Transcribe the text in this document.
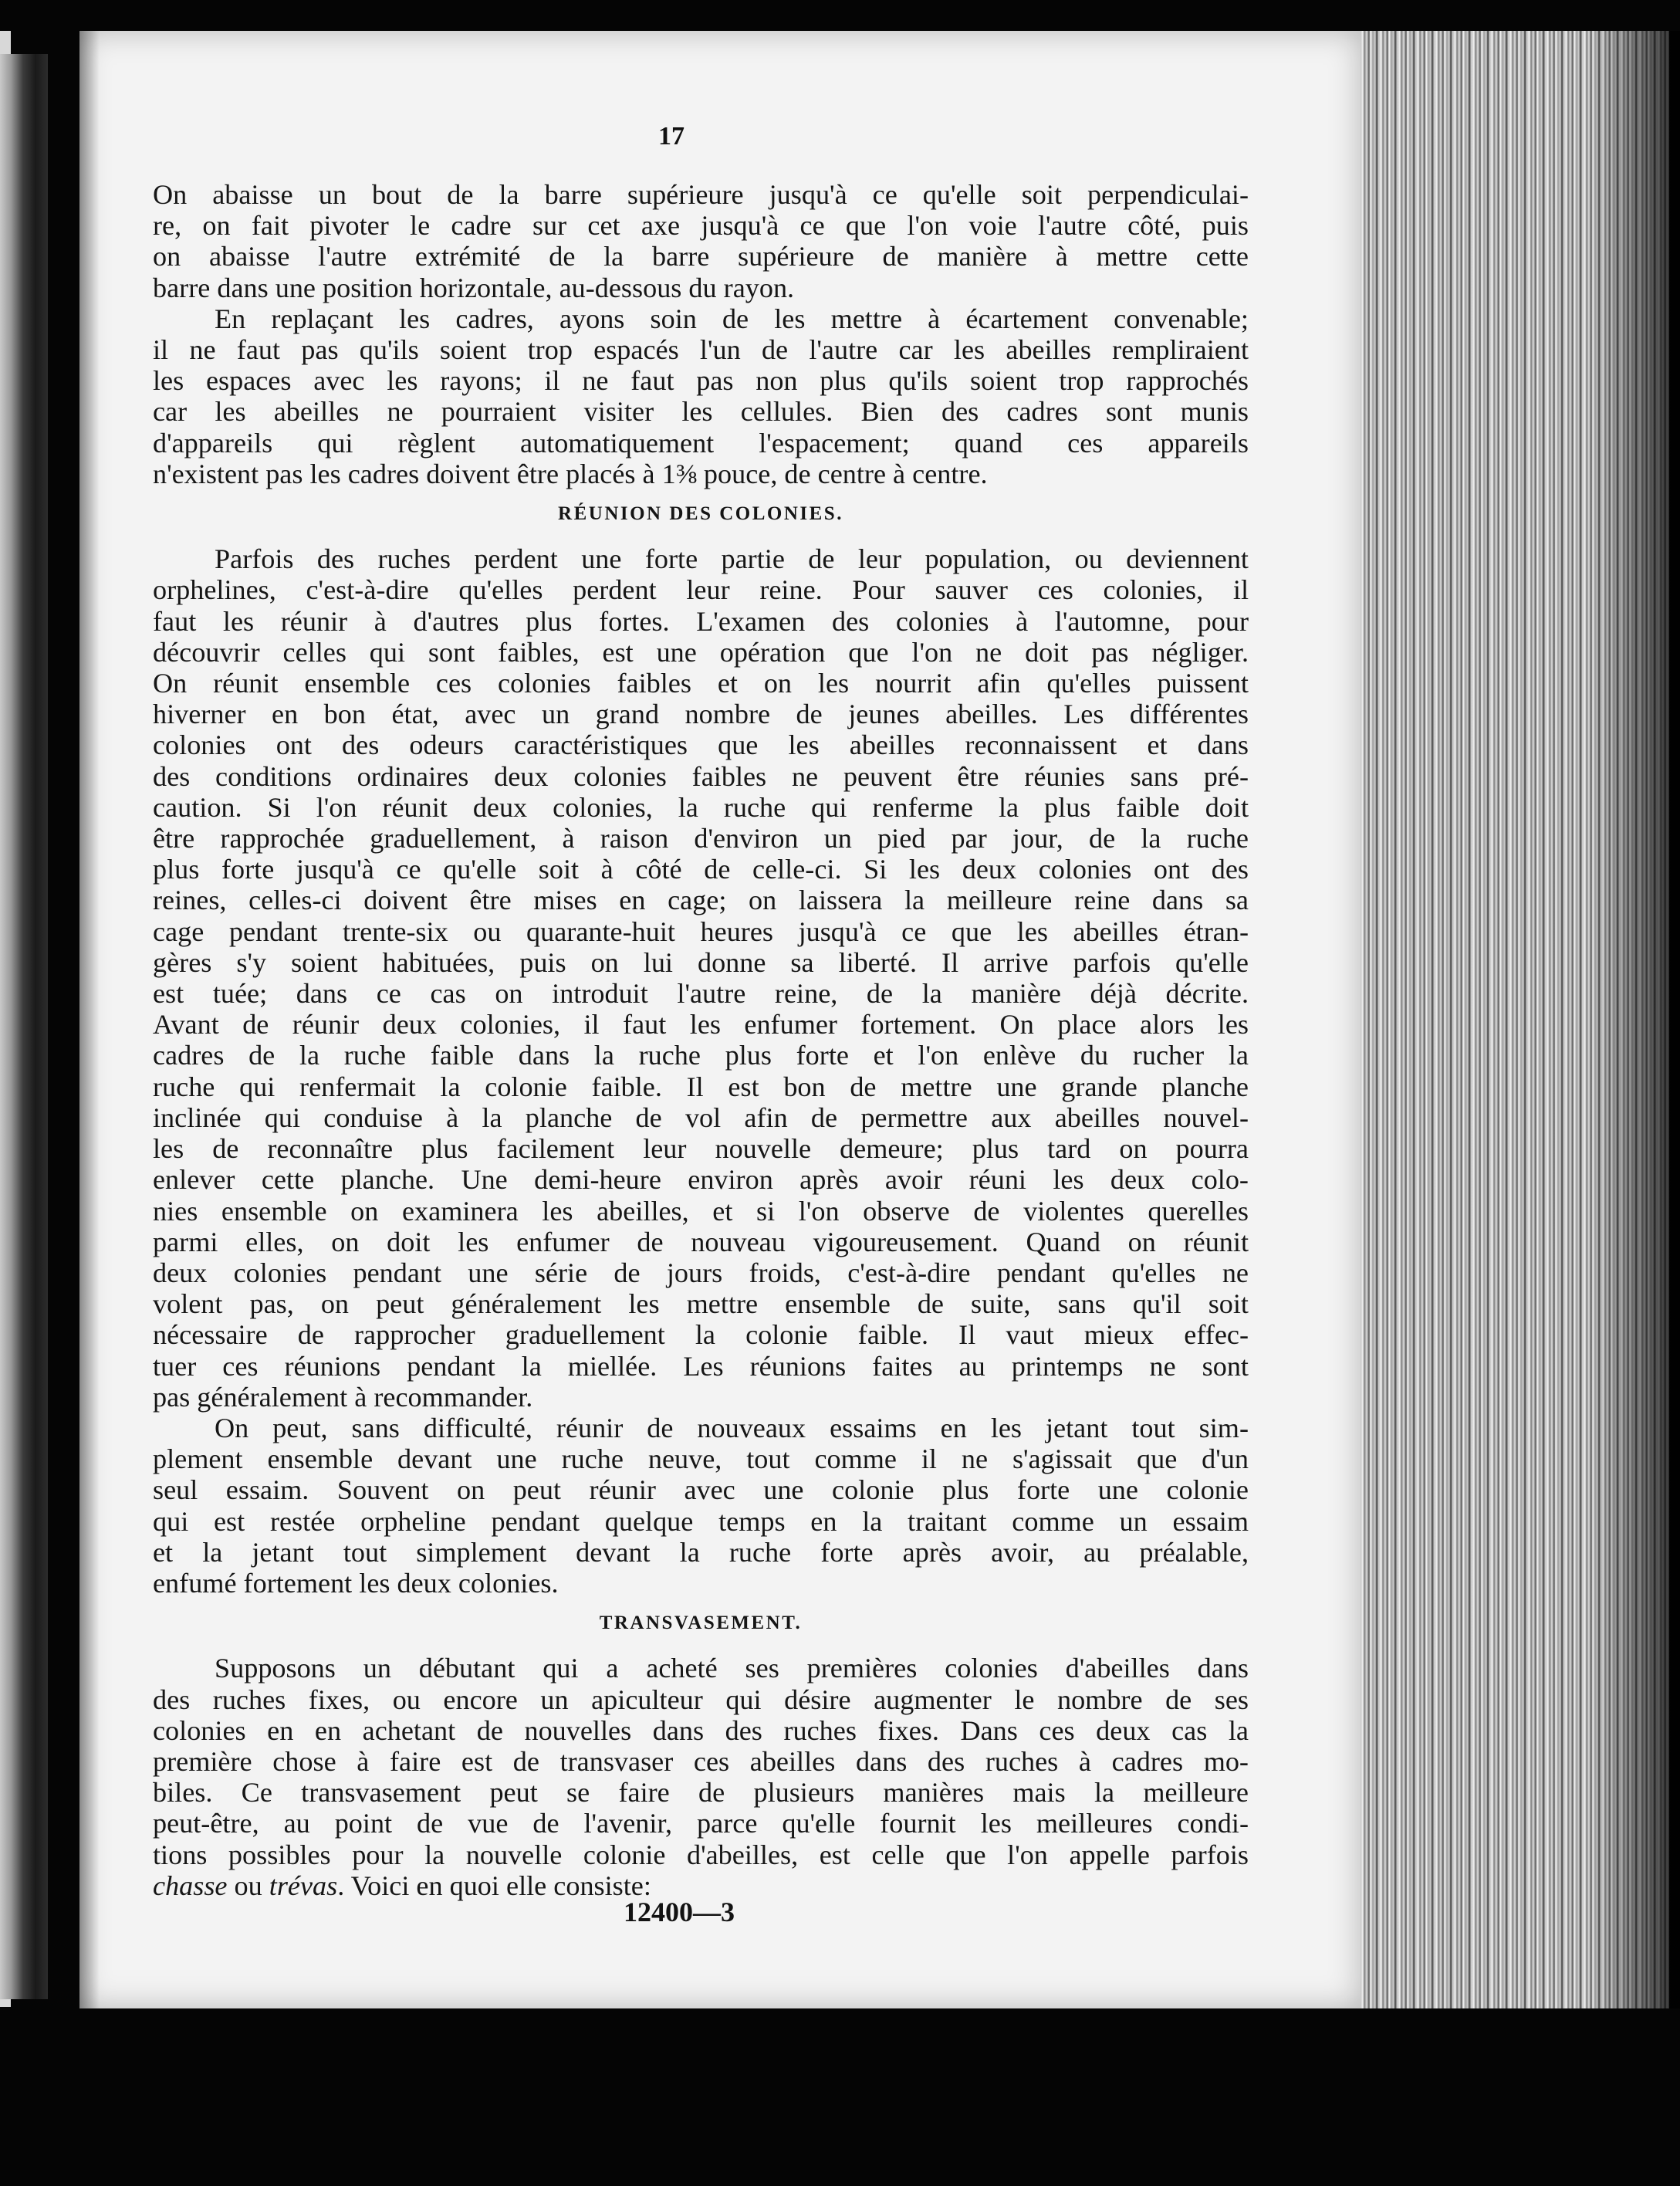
17
On abaisse un bout de la barre supérieure jusqu'à ce qu'elle soit perpendiculai-
re, on fait pivoter le cadre sur cet axe jusqu'à ce que l'on voie l'autre côté, puis
on abaisse l'autre extrémité de la barre supérieure de manière à mettre cette
barre dans une position horizontale, au-dessous du rayon.
En replaçant les cadres, ayons soin de les mettre à écartement convenable;
il ne faut pas qu'ils soient trop espacés l'un de l'autre car les abeilles rempliraient
les espaces avec les rayons; il ne faut pas non plus qu'ils soient trop rapprochés
car les abeilles ne pourraient visiter les cellules. Bien des cadres sont munis
d'appareils qui règlent automatiquement l'espacement; quand ces appareils
n'existent pas les cadres doivent être placés à 1⅜ pouce, de centre à centre.
RÉUNION DES COLONIES.
Parfois des ruches perdent une forte partie de leur population, ou deviennent
orphelines, c'est-à-dire qu'elles perdent leur reine. Pour sauver ces colonies, il
faut les réunir à d'autres plus fortes. L'examen des colonies à l'automne, pour
découvrir celles qui sont faibles, est une opération que l'on ne doit pas négliger.
On réunit ensemble ces colonies faibles et on les nourrit afin qu'elles puissent
hiverner en bon état, avec un grand nombre de jeunes abeilles. Les différentes
colonies ont des odeurs caractéristiques que les abeilles reconnaissent et dans
des conditions ordinaires deux colonies faibles ne peuvent être réunies sans pré-
caution. Si l'on réunit deux colonies, la ruche qui renferme la plus faible doit
être rapprochée graduellement, à raison d'environ un pied par jour, de la ruche
plus forte jusqu'à ce qu'elle soit à côté de celle-ci. Si les deux colonies ont des
reines, celles-ci doivent être mises en cage; on laissera la meilleure reine dans sa
cage pendant trente-six ou quarante-huit heures jusqu'à ce que les abeilles étran-
gères s'y soient habituées, puis on lui donne sa liberté. Il arrive parfois qu'elle
est tuée; dans ce cas on introduit l'autre reine, de la manière déjà décrite.
Avant de réunir deux colonies, il faut les enfumer fortement. On place alors les
cadres de la ruche faible dans la ruche plus forte et l'on enlève du rucher la
ruche qui renfermait la colonie faible. Il est bon de mettre une grande planche
inclinée qui conduise à la planche de vol afin de permettre aux abeilles nouvel-
les de reconnaître plus facilement leur nouvelle demeure; plus tard on pourra
enlever cette planche. Une demi-heure environ après avoir réuni les deux colo-
nies ensemble on examinera les abeilles, et si l'on observe de violentes querelles
parmi elles, on doit les enfumer de nouveau vigoureusement. Quand on réunit
deux colonies pendant une série de jours froids, c'est-à-dire pendant qu'elles ne
volent pas, on peut généralement les mettre ensemble de suite, sans qu'il soit
nécessaire de rapprocher graduellement la colonie faible. Il vaut mieux effec-
tuer ces réunions pendant la miellée. Les réunions faites au printemps ne sont
pas généralement à recommander.
On peut, sans difficulté, réunir de nouveaux essaims en les jetant tout sim-
plement ensemble devant une ruche neuve, tout comme il ne s'agissait que d'un
seul essaim. Souvent on peut réunir avec une colonie plus forte une colonie
qui est restée orpheline pendant quelque temps en la traitant comme un essaim
et la jetant tout simplement devant la ruche forte après avoir, au préalable,
enfumé fortement les deux colonies.
TRANSVASEMENT.
Supposons un débutant qui a acheté ses premières colonies d'abeilles dans
des ruches fixes, ou encore un apiculteur qui désire augmenter le nombre de ses
colonies en en achetant de nouvelles dans des ruches fixes. Dans ces deux cas la
première chose à faire est de transvaser ces abeilles dans des ruches à cadres mo-
biles. Ce transvasement peut se faire de plusieurs manières mais la meilleure
peut-être, au point de vue de l'avenir, parce qu'elle fournit les meilleures condi-
tions possibles pour la nouvelle colonie d'abeilles, est celle que l'on appelle parfois
chasse ou trévas. Voici en quoi elle consiste:
12400—3
